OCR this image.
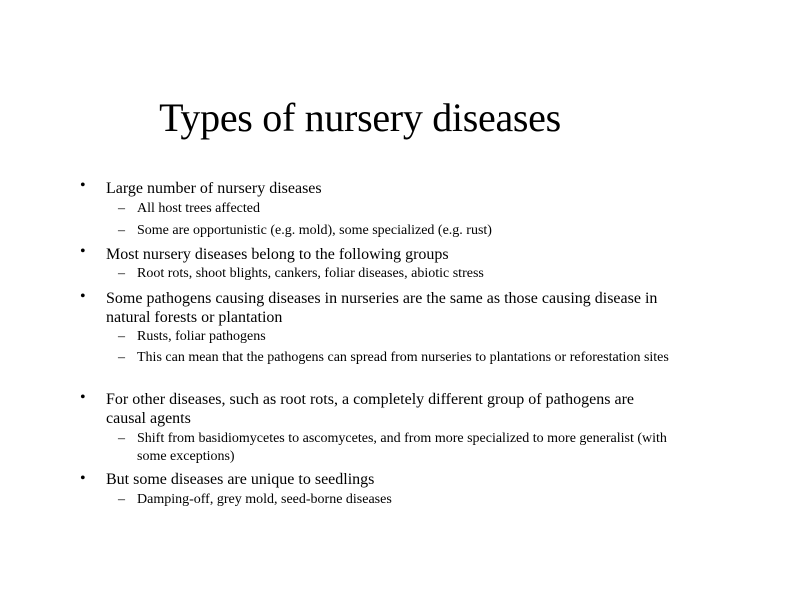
Types of nursery diseases
•	Large number of nursery diseases
– All host trees affected
– Some are opportunistic (e.g. mold), some specialized (e.g. rust)
•	Most nursery diseases belong to the following groups
– Root rots, shoot blights, cankers, foliar diseases, abiotic stress
•	Some pathogens causing diseases in nurseries are the same as those causing disease in natural forests or plantation
– Rusts, foliar pathogens
– This can mean that the pathogens can spread from nurseries to plantations or reforestation sites
•	For other diseases, such as root rots, a completely different group of pathogens are causal agents
– Shift from basidiomycetes to ascomycetes, and from more specialized to more generalist (with some exceptions)
•	But some diseases are unique to seedlings
– Damping-off, grey mold, seed-borne diseases
